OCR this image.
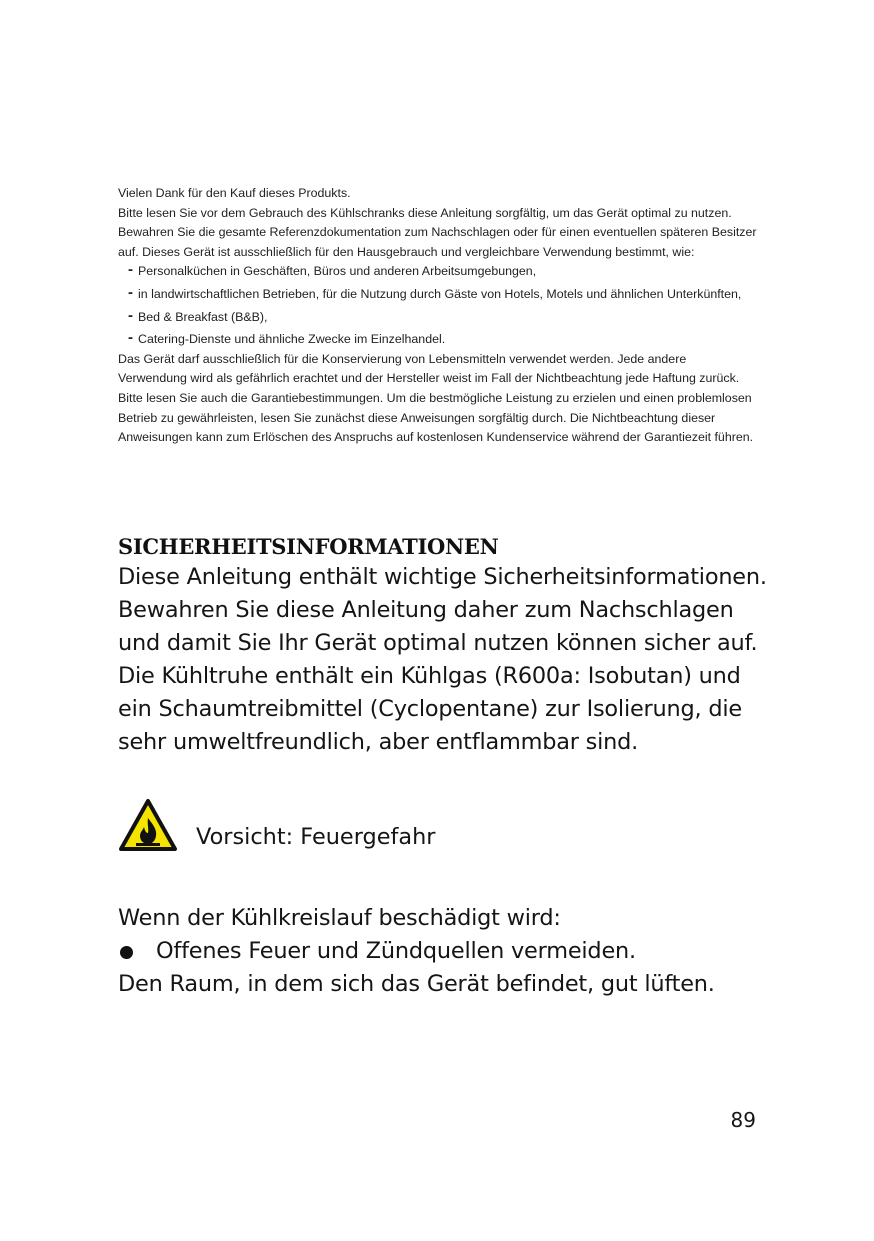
Vielen Dank für den Kauf dieses Produkts.

Bitte lesen Sie vor dem Gebrauch des Kühlschranks diese Anleitung sorgfältig, um das Gerät optimal zu nutzen. Bewahren Sie die gesamte Referenzdokumentation zum Nachschlagen oder für einen eventuellen späteren Besitzer auf. Dieses Gerät ist ausschließlich für den Hausgebrauch und vergleichbare Verwendung bestimmt, wie:

- Personalküchen in Geschäften, Büros und anderen Arbeitsumgebungen,
- in landwirtschaftlichen Betrieben, für die Nutzung durch Gäste von Hotels, Motels und ähnlichen Unterkünften,
- Bed & Breakfast (B&B),
- Catering-Dienste und ähnliche Zwecke im Einzelhandel.

Das Gerät darf ausschließlich für die Konservierung von Lebensmitteln verwendet werden. Jede andere Verwendung wird als gefährlich erachtet und der Hersteller weist im Fall der Nichtbeachtung jede Haftung zurück. Bitte lesen Sie auch die Garantiebestimmungen. Um die bestmögliche Leistung zu erzielen und einen problemlosen Betrieb zu gewährleisten, lesen Sie zunächst diese Anweisungen sorgfältig durch. Die Nichtbeachtung dieser Anweisungen kann zum Erlöschen des Anspruchs auf kostenlosen Kundenservice während der Garantiezeit führen.

SICHERHEITSINFORMATIONEN

Diese Anleitung enthält wichtige Sicherheitsinformationen. Bewahren Sie diese Anleitung daher zum Nachschlagen und damit Sie Ihr Gerät optimal nutzen können sicher auf.

Die Kühltruhe enthält ein Kühlgas (R600a: Isobutan) und ein Schaumtreibmittel (Cyclopentane) zur Isolierung, die sehr umweltfreundlich, aber entflammbar sind.

Vorsicht: Feuergefahr

Wenn der Kühlkreislauf beschädigt wird:

Offenes Feuer und Zündquellen vermeiden.

Den Raum, in dem sich das Gerät befindet, gut lüften.

89
